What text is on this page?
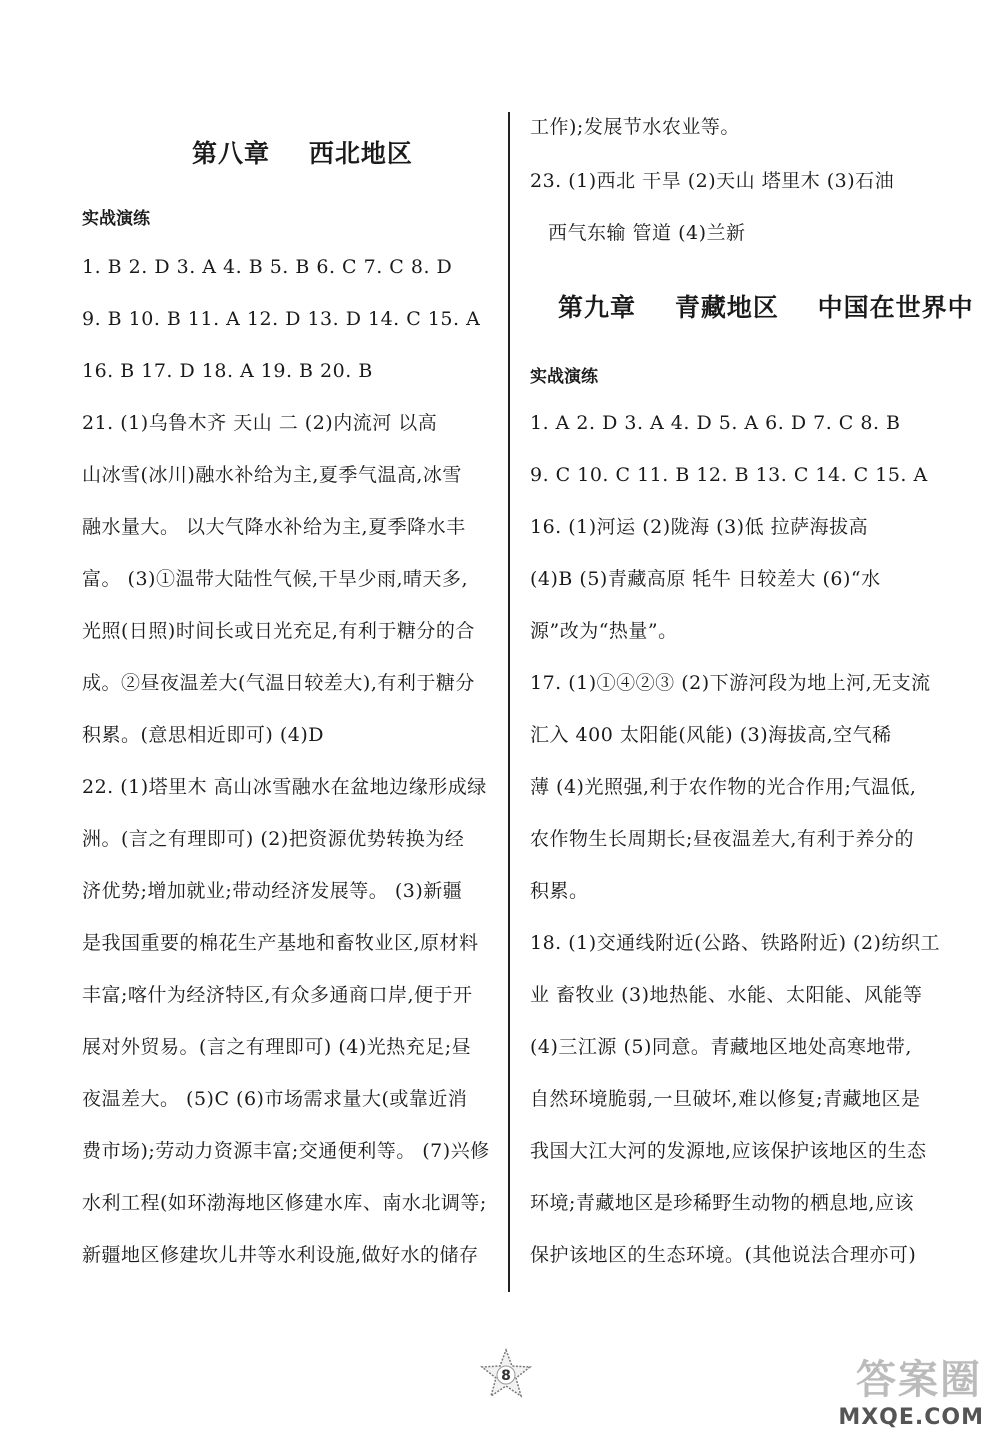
第八章    西北地区
实战演练
1. B 2. D 3. A 4. B 5. B 6. C 7. C 8. D
9. B 10. B 11. A 12. D 13. D 14. C 15. A
16. B 17. D 18. A 19. B 20. B
21. (1)乌鲁木齐 天山 二 (2)内流河 以高
山冰雪(冰川)融水补给为主,夏季气温高,冰雪
融水量大。 以大气降水补给为主,夏季降水丰
富。 (3)①温带大陆性气候,干旱少雨,晴天多,
光照(日照)时间长或日光充足,有利于糖分的合
成。②昼夜温差大(气温日较差大),有利于糖分
积累。(意思相近即可) (4)D
22. (1)塔里木 高山冰雪融水在盆地边缘形成绿
洲。(言之有理即可) (2)把资源优势转换为经
济优势;增加就业;带动经济发展等。 (3)新疆
是我国重要的棉花生产基地和畜牧业区,原材料
丰富;喀什为经济特区,有众多通商口岸,便于开
展对外贸易。(言之有理即可) (4)光热充足;昼
夜温差大。 (5)C (6)市场需求量大(或靠近消
费市场);劳动力资源丰富;交通便利等。 (7)兴修
水利工程(如环渤海地区修建水库、南水北调等;
新疆地区修建坎儿井等水利设施,做好水的储存
工作);发展节水农业等。
23. (1)西北 干旱 (2)天山 塔里木 (3)石油
西气东输 管道 (4)兰新
第九章    青藏地区    中国在世界中
实战演练
1. A 2. D 3. A 4. D 5. A 6. D 7. C 8. B
9. C 10. C 11. B 12. B 13. C 14. C 15. A
16. (1)河运 (2)陇海 (3)低 拉萨海拔高
(4)B (5)青藏高原 牦牛 日较差大 (6)“水
源”改为“热量”。
17. (1)①④②③ (2)下游河段为地上河,无支流
汇入 400 太阳能(风能) (3)海拔高,空气稀
薄 (4)光照强,利于农作物的光合作用;气温低,
农作物生长周期长;昼夜温差大,有利于养分的
积累。
18. (1)交通线附近(公路、铁路附近) (2)纺织工
业 畜牧业 (3)地热能、水能、太阳能、风能等
(4)三江源 (5)同意。青藏地区地处高寒地带,
自然环境脆弱,一旦破坏,难以修复;青藏地区是
我国大江大河的发源地,应该保护该地区的生态
环境;青藏地区是珍稀野生动物的栖息地,应该
保护该地区的生态环境。(其他说法合理亦可)
8	答案圈
MXQE.COM
